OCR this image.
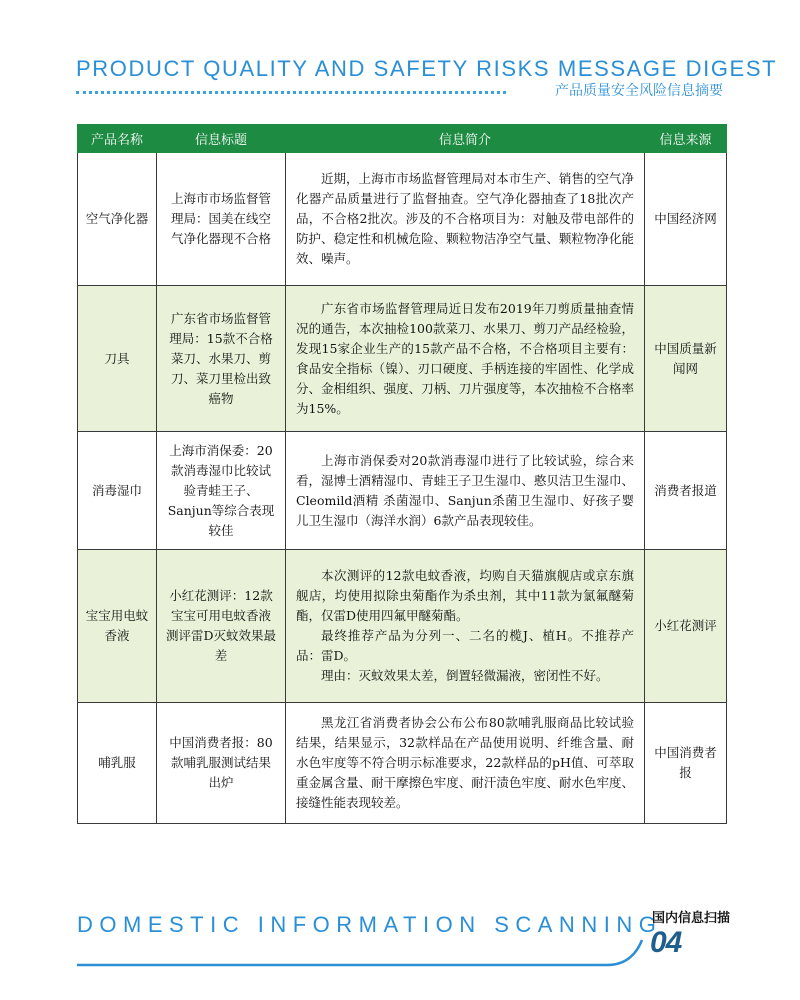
PRODUCT QUALITY AND SAFETY RISKS MESSAGE DIGEST
产品质量安全风险信息摘要
产品名称	信息标题	信息简介	信息来源
空气净化器	上海市市场监督管理局：国美在线空气净化器现不合格	近期，上海市市场监督管理局对本市生产、销售的空气净化器产品质量进行了监督抽查。空气净化器抽查了18批次产品，不合格2批次。涉及的不合格项目为：对触及带电部件的防护、稳定性和机械危险、颗粒物洁净空气量、颗粒物净化能效、噪声。	中国经济网
刀具	广东省市场监督管理局：15款不合格菜刀、水果刀、剪刀、菜刀里检出致癌物	广东省市场监督管理局近日发布2019年刀剪质量抽查情况的通告，本次抽检100款菜刀、水果刀、剪刀产品经检验，发现15家企业生产的15款产品不合格，不合格项目主要有：食品安全指标（镍）、刃口硬度、手柄连接的牢固性、化学成分、金相组织、强度、刀柄、刀片强度等，本次抽检不合格率为15%。	中国质量新闻网
消毒湿巾	上海市消保委：20款消毒湿巾比较试验青蛙王子、Sanjun等综合表现较佳	上海市消保委对20款消毒湿巾进行了比较试验，综合来看，湿博士酒精湿巾、青蛙王子卫生湿巾、憨贝洁卫生湿巾、Cleomild酒精 杀菌湿巾、Sanjun杀菌卫生湿巾、好孩子婴儿卫生湿巾（海洋水润）6款产品表现较佳。	消费者报道
宝宝用电蚊香液	小红花测评：12款宝宝可用电蚊香液测评雷D灭蚊效果最差	本次测评的12款电蚊香液，均购自天猫旗舰店或京东旗舰店，均使用拟除虫菊酯作为杀虫剂，其中11款为氯氟醚菊酯，仅雷D使用四氟甲醚菊酯。

最终推荐产品为分列一、二名的榄J、植H。不推荐产品：雷D。

理由：灭蚊效果太差，倒置轻微漏液，密闭性不好。	小红花测评
哺乳服	中国消费者报：80款哺乳服测试结果出炉	黑龙江省消费者协会公布公布80款哺乳服商品比较试验结果，结果显示，32款样品在产品使用说明、纤维含量、耐水色牢度等不符合明示标准要求，22款样品的pH值、可萃取重金属含量、耐干摩擦色牢度、耐汗渍色牢度、耐水色牢度、接缝性能表现较差。	中国消费者报
DOMESTIC INFORMATION SCANNING
国内信息扫描
04
